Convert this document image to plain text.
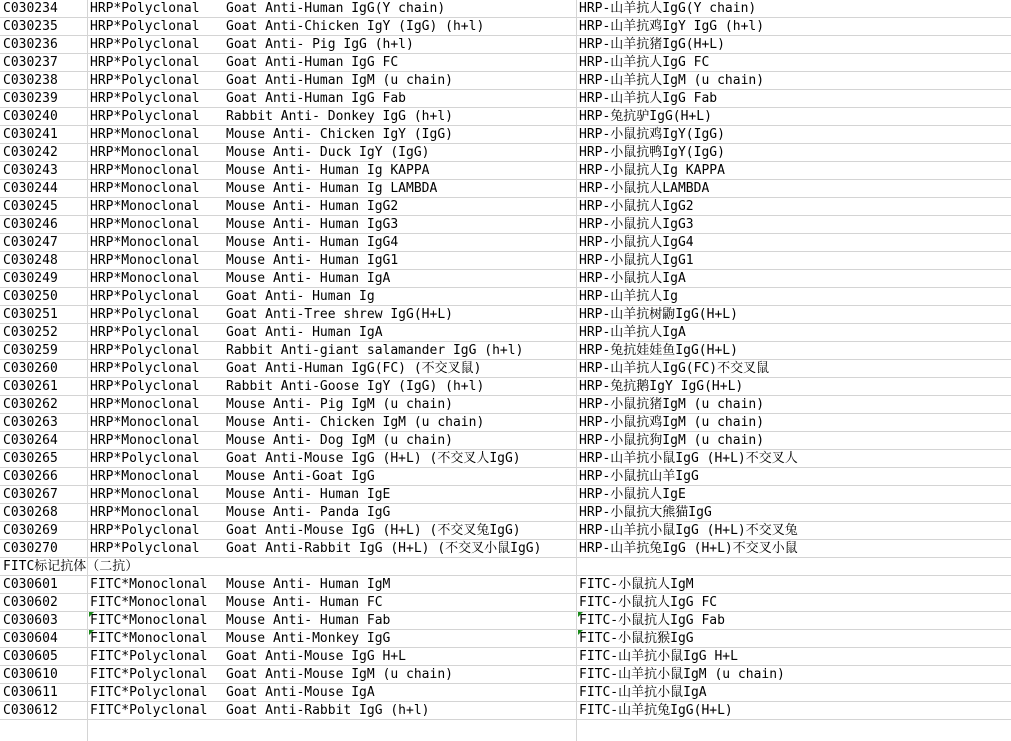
C030234 HRP*Polyclonal Goat Anti-Human IgG(Y chain)	HRP-山羊抗人IgG(Y chain)
C030235 HRP*Polyclonal Goat Anti-Chicken IgY (IgG) (h+l)	HRP-山羊抗鸡IgY IgG (h+l)
C030236 HRP*Polyclonal Goat Anti- Pig IgG (h+l)	HRP-山羊抗猪IgG(H+L)
C030237 HRP*Polyclonal Goat Anti-Human IgG FC	HRP-山羊抗人IgG FC
C030238 HRP*Polyclonal Goat Anti-Human IgM (u chain)	HRP-山羊抗人IgM (u chain)
C030239 HRP*Polyclonal Goat Anti-Human IgG Fab	HRP-山羊抗人IgG Fab
C030240 HRP*Polyclonal Rabbit Anti- Donkey IgG (h+l)	HRP-兔抗驴IgG(H+L)
C030241 HRP*Monoclonal Mouse Anti- Chicken IgY (IgG)	HRP-小鼠抗鸡IgY(IgG)
C030242 HRP*Monoclonal Mouse Anti- Duck IgY (IgG)	HRP-小鼠抗鸭IgY(IgG)
C030243 HRP*Monoclonal Mouse Anti- Human Ig KAPPA	HRP-小鼠抗人Ig KAPPA
C030244 HRP*Monoclonal Mouse Anti- Human Ig LAMBDA	HRP-小鼠抗人LAMBDA
C030245 HRP*Monoclonal Mouse Anti- Human IgG2	HRP-小鼠抗人IgG2
C030246 HRP*Monoclonal Mouse Anti- Human IgG3	HRP-小鼠抗人IgG3
C030247 HRP*Monoclonal Mouse Anti- Human IgG4	HRP-小鼠抗人IgG4
C030248 HRP*Monoclonal Mouse Anti- Human IgG1	HRP-小鼠抗人IgG1
C030249 HRP*Monoclonal Mouse Anti- Human IgA	HRP-小鼠抗人IgA
C030250 HRP*Polyclonal Goat Anti- Human Ig	HRP-山羊抗人Ig
C030251 HRP*Polyclonal Goat Anti-Tree shrew IgG(H+L)	HRP-山羊抗树鼩IgG(H+L)
C030252 HRP*Polyclonal Goat Anti- Human IgA	HRP-山羊抗人IgA
C030259 HRP*Polyclonal Rabbit Anti-giant salamander IgG (h+l)	HRP-兔抗娃娃鱼IgG(H+L)
C030260 HRP*Polyclonal Goat Anti-Human IgG(FC) (不交叉鼠)	HRP-山羊抗人IgG(FC)不交叉鼠
C030261 HRP*Polyclonal Rabbit Anti-Goose IgY (IgG) (h+l)	HRP-兔抗鹅IgY IgG(H+L)
C030262 HRP*Monoclonal Mouse Anti- Pig IgM (u chain)	HRP-小鼠抗猪IgM (u chain)
C030263 HRP*Monoclonal Mouse Anti- Chicken IgM (u chain)	HRP-小鼠抗鸡IgM (u chain)
C030264 HRP*Monoclonal Mouse Anti- Dog IgM (u chain)	HRP-小鼠抗狗IgM (u chain)
C030265 HRP*Polyclonal Goat Anti-Mouse IgG (H+L) (不交叉人IgG)	HRP-山羊抗小鼠IgG (H+L)不交叉人
C030266 HRP*Monoclonal Mouse Anti-Goat IgG	HRP-小鼠抗山羊IgG
C030267 HRP*Monoclonal Mouse Anti- Human IgE	HRP-小鼠抗人IgE
C030268 HRP*Monoclonal Mouse Anti- Panda IgG	HRP-小鼠抗大熊猫IgG
C030269 HRP*Polyclonal Goat Anti-Mouse IgG (H+L) (不交叉兔IgG)	HRP-山羊抗小鼠IgG (H+L)不交叉兔
C030270 HRP*Polyclonal Goat Anti-Rabbit IgG (H+L) (不交叉小鼠IgG)	HRP-山羊抗兔IgG (H+L)不交叉小鼠
FITC标记抗体（二抗）
C030601 FITC*Monoclonal Mouse Anti- Human IgM	FITC-小鼠抗人IgM
C030602 FITC*Monoclonal Mouse Anti- Human FC	FITC-小鼠抗人IgG FC
C030603 FITC*Monoclonal Mouse Anti- Human Fab	FITC-小鼠抗人IgG Fab
C030604 FITC*Monoclonal Mouse Anti-Monkey IgG	FITC-小鼠抗猴IgG
C030605 FITC*Polyclonal Goat Anti-Mouse IgG H+L	FITC-山羊抗小鼠IgG H+L
C030610 FITC*Polyclonal Goat Anti-Mouse IgM (u chain)	FITC-山羊抗小鼠IgM (u chain)
C030611 FITC*Polyclonal Goat Anti-Mouse IgA	FITC-山羊抗小鼠IgA
C030612 FITC*Polyclonal Goat Anti-Rabbit IgG (h+l)	FITC-山羊抗兔IgG(H+L)
